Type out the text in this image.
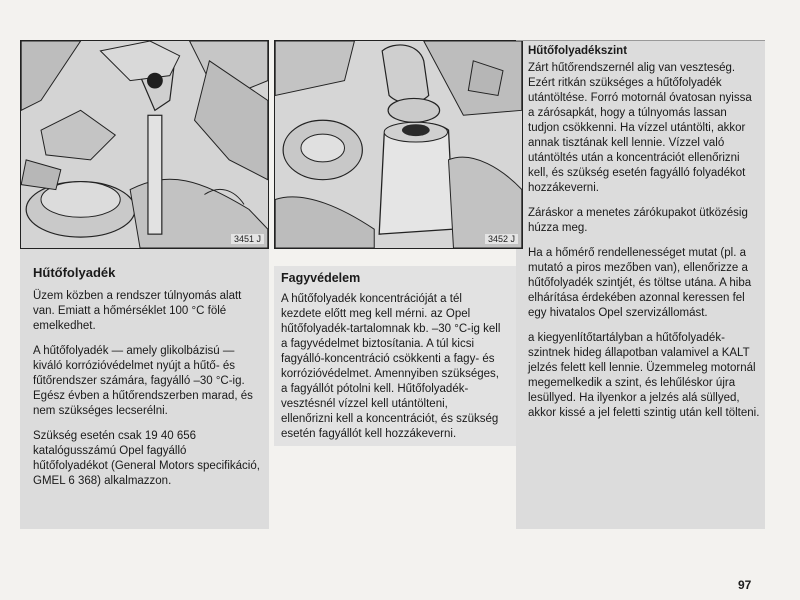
3451 J	3452 J
Hűtőfolyadék

Üzem közben a rendszer túlnyomás alatt van. Emiatt a hőmérséklet 100 °C fölé emelkedhet.

A hűtőfolyadék — amely glikolbázisú — kiváló korrózióvédelmet nyújt a hűtő- és fűtőrendszer számára, fagyálló –30 °C-ig. Egész évben a hűtőrendszerben marad, és nem szükséges lecserélni.

Szükség esetén csak 19 40 656 katalógusszámú Opel fagyálló hűtőfolyadékot (General Motors specifikáció, GMEL 6 368) alkalmazzon.

Fagyvédelem

A hűtőfolyadék koncentrációját a tél kezdete előtt meg kell mérni. az Opel hűtőfolyadék-tartalomnak kb. –30 °C-ig kell a fagyvédelmet biztosítania. A túl kicsi fagyálló-koncentráció csökkenti a fagy- és korrózióvédelmet. Amennyiben szükséges, a fagyállót pótolni kell. Hűtőfolyadék-vesztésnél vízzel kell utántölteni, ellenőrizni kell a koncentrációt, és szükség esetén fagyállót kell hozzákeverni.

Hűtőfolyadékszint

Zárt hűtőrendszernél alig van veszteség. Ezért ritkán szükséges a hűtőfolyadék utántöltése. Forró motornál óvatosan nyissa a zárósapkát, hogy a túlnyomás lassan tudjon csökkenni. Ha vízzel utántölti, akkor annak tisztának kell lennie. Vízzel való utántöltés után a koncentrációt ellenőrizni kell, és szükség esetén fagyálló folyadékot hozzákeverni.

Záráskor a menetes zárókupakot ütközésig húzza meg.

Ha a hőmérő rendellenességet mutat (pl. a mutató a piros mezőben van), ellenőrizze a hűtőfolyadék szintjét, és töltse utána. A hiba elhárítása érdekében azonnal keressen fel egy hivatalos Opel szervizállomást.

a kiegyenlítőtartályban a hűtőfolyadék-szintnek hideg állapotban valamivel a KALT jelzés felett kell lennie. Üzemmeleg motornál megemelkedik a szint, és lehűléskor újra lesüllyed. Ha ilyenkor a jelzés alá süllyed, akkor kissé a jel feletti szintig után kell tölteni.

97
